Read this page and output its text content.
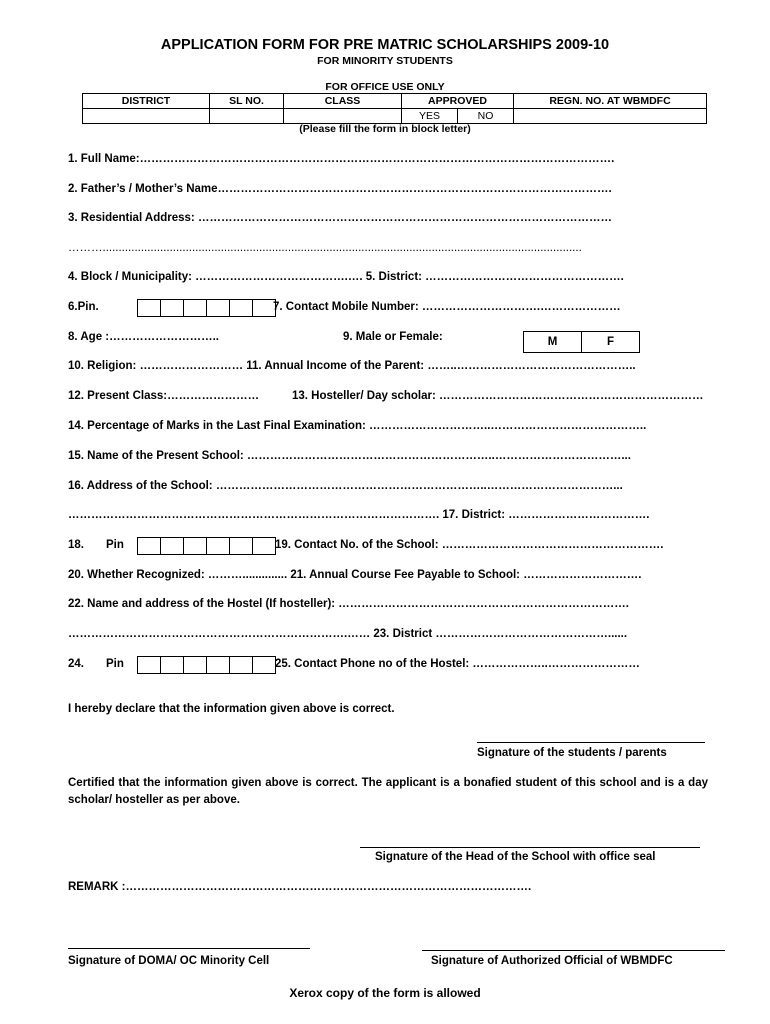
APPLICATION FORM FOR PRE MATRIC SCHOLARSHIPS 2009-10
FOR MINORITY STUDENTS
FOR OFFICE USE ONLY
DISTRICT	SL NO.	CLASS	APPROVED		REGN. NO. AT WBMDFC
			YES	NO	
(Please fill the form in block letter)
1. Full Name:…………………………………………………………………………………………………………….
2. Father’s / Mother’s Name………………………………………………………………………………………….
3. Residential Address: ………………………………………………………………………………………………
………......................................................................................................................................................
4. Block / Municipality: ………………………………….…. 5. District: …………………………………………….
6.Pin.	7. Contact Mobile Number: ………………………….…………………
8. Age :………………………..	9. Male or Female:	M	F
10. Religion: ……………………… 11. Annual Income of the Parent: ……..………………………………………..
12. Present Class:……………………	13. Hosteller/ Day scholar: ……………………………………………………………
14. Percentage of Marks in the Last Final Examination: …………………………..…………………………………..
15. Name of the Present School: ………………………………………………………..……………………………...
16. Address of the School: ……………………………………………………………..……………………………...
……………………………………………………………………………………. 17. District: ……………………………….
18. Pin	19. Contact No. of the School: ………………………………………………….
20. Whether Recognized: ……….............. 21. Annual Course Fee Payable to School: ………………………….
22. Name and address of the Hostel (If hosteller): ………………………………………………………………….
……………………………………………………………….…… 23. District ………………………………………......
24. Pin	25. Contact Phone no of the Hostel: ………………..……………………
I hereby declare that the information given above is correct.
Signature of the students / parents
Certified that the information given above is correct. The applicant is a bonafied student of this school and is a day scholar/ hosteller as per above.
Signature of the Head of the School with office seal
REMARK :…………………………………………………………………………………………….
Signature of DOMA/ OC Minority Cell	Signature of Authorized Official of WBMDFC
Xerox copy of the form is allowed
